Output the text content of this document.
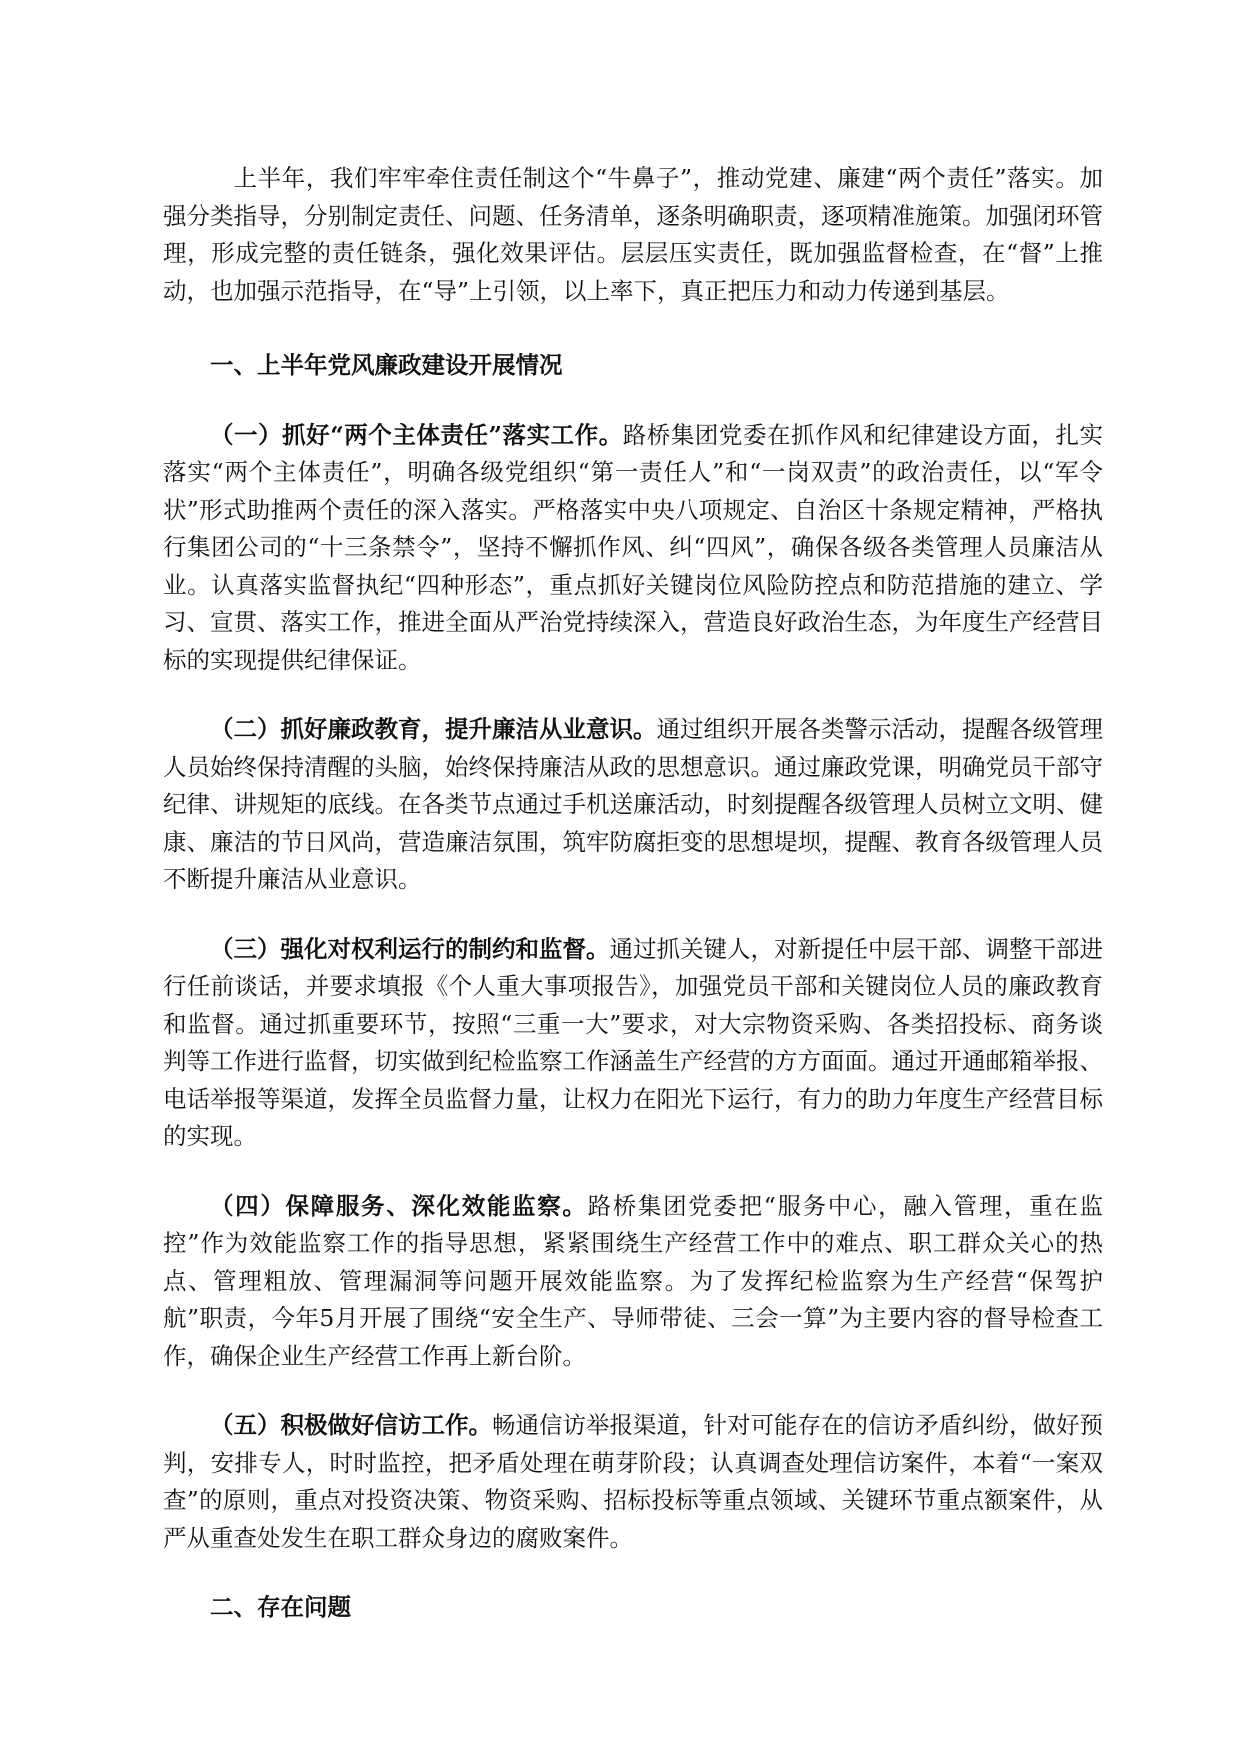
上半年，我们牢牢牵住责任制这个“牛鼻子”，推动党建、廉建“两个责任”落实。加强分类指导，分别制定责任、问题、任务清单，逐条明确职责，逐项精准施策。加强闭环管理，形成完整的责任链条，强化效果评估。层层压实责任，既加强监督检查，在“督”上推动，也加强示范指导，在“导”上引领，以上率下，真正把压力和动力传递到基层。

一、上半年党风廉政建设开展情况

（一）抓好“两个主体责任”落实工作。路桥集团党委在抓作风和纪律建设方面，扎实落实“两个主体责任”，明确各级党组织“第一责任人”和“一岗双责”的政治责任，以“军令状”形式助推两个责任的深入落实。严格落实中央八项规定、自治区十条规定精神，严格执行集团公司的“十三条禁令”，坚持不懈抓作风、纠“四风”，确保各级各类管理人员廉洁从业。认真落实监督执纪“四种形态”，重点抓好关键岗位风险防控点和防范措施的建立、学习、宣贯、落实工作，推进全面从严治党持续深入，营造良好政治生态，为年度生产经营目标的实现提供纪律保证。

（二）抓好廉政教育，提升廉洁从业意识。通过组织开展各类警示活动，提醒各级管理人员始终保持清醒的头脑，始终保持廉洁从政的思想意识。通过廉政党课，明确党员干部守纪律、讲规矩的底线。在各类节点通过手机送廉活动，时刻提醒各级管理人员树立文明、健康、廉洁的节日风尚，营造廉洁氛围，筑牢防腐拒变的思想堤坝，提醒、教育各级管理人员不断提升廉洁从业意识。

（三）强化对权利运行的制约和监督。通过抓关键人，对新提任中层干部、调整干部进行任前谈话，并要求填报《个人重大事项报告》，加强党员干部和关键岗位人员的廉政教育和监督。通过抓重要环节，按照“三重一大”要求，对大宗物资采购、各类招投标、商务谈判等工作进行监督，切实做到纪检监察工作涵盖生产经营的方方面面。通过开通邮箱举报、电话举报等渠道，发挥全员监督力量，让权力在阳光下运行，有力的助力年度生产经营目标的实现。

（四）保障服务、深化效能监察。路桥集团党委把“服务中心，融入管理，重在监控”作为效能监察工作的指导思想，紧紧围绕生产经营工作中的难点、职工群众关心的热点、管理粗放、管理漏洞等问题开展效能监察。为了发挥纪检监察为生产经营“保驾护航”职责，今年5月开展了围绕“安全生产、导师带徒、三会一算”为主要内容的督导检查工作，确保企业生产经营工作再上新台阶。

（五）积极做好信访工作。畅通信访举报渠道，针对可能存在的信访矛盾纠纷，做好预判，安排专人，时时监控，把矛盾处理在萌芽阶段；认真调查处理信访案件，本着“一案双查”的原则，重点对投资决策、物资采购、招标投标等重点领域、关键环节重点额案件，从严从重查处发生在职工群众身边的腐败案件。

二、存在问题
